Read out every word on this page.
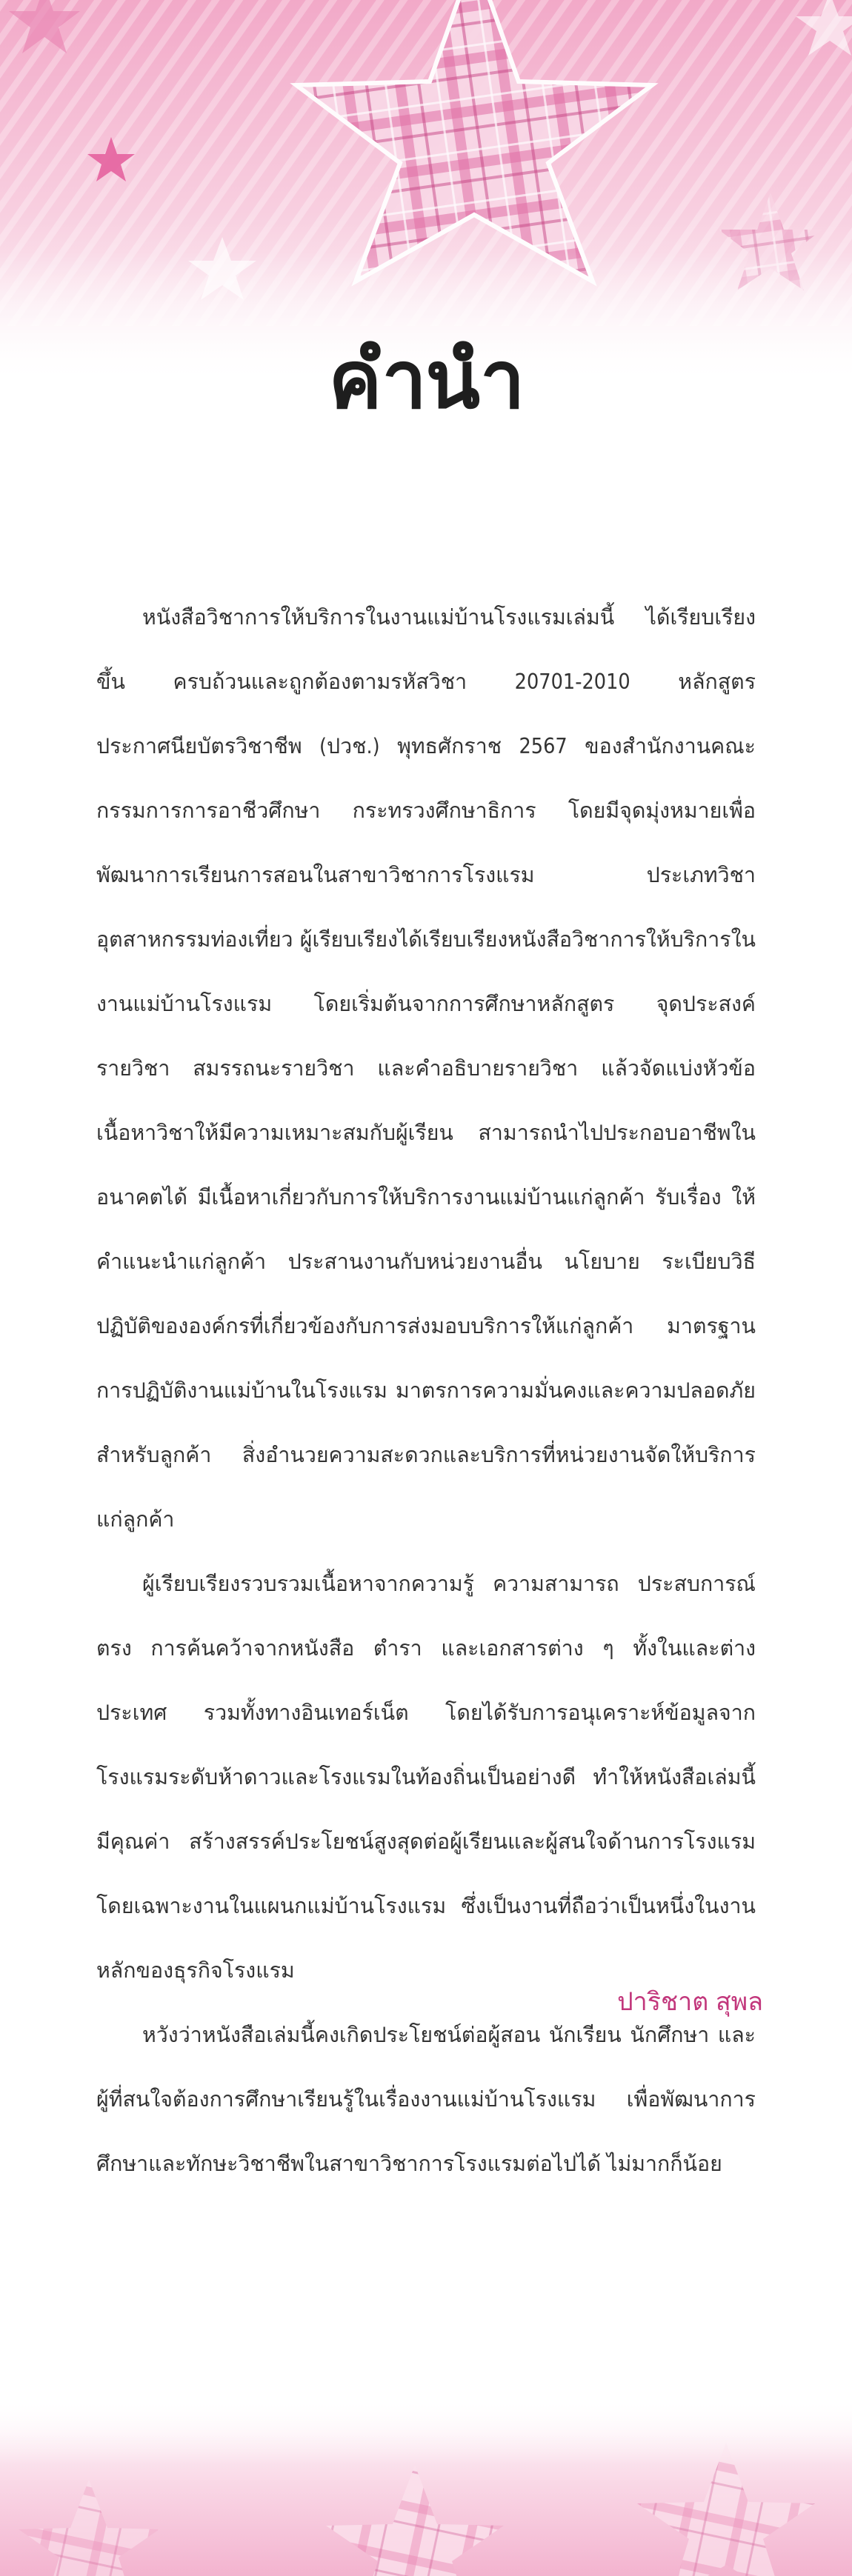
คำนำ

หนังสือวิชาการให้บริการในงานแม่บ้านโรงแรมเล่มนี้ ได้เรียบเรียงขึ้น ครบถ้วนและถูกต้องตามรหัสวิชา 20701-2010 หลักสูตรประกาศนียบัตรวิชาชีพ (ปวช.) พุทธศักราช 2567 ของสำนักงานคณะกรรมการการอาชีวศึกษา กระทรวงศึกษาธิการ โดยมีจุดมุ่งหมายเพื่อพัฒนาการเรียนการสอนในสาขาวิชาการโรงแรม ประเภทวิชาอุตสาหกรรมท่องเที่ยว ผู้เรียบเรียงได้เรียบเรียงหนังสือวิชาการให้บริการในงานแม่บ้านโรงแรม โดยเริ่มต้นจากการศึกษาหลักสูตร จุดประสงค์รายวิชา สมรรถนะรายวิชา และคำอธิบายรายวิชา แล้วจัดแบ่งหัวข้อเนื้อหาวิชาให้มีความเหมาะสมกับผู้เรียน สามารถนำไปประกอบอาชีพในอนาคตได้ มีเนื้อหาเกี่ยวกับการให้บริการงานแม่บ้านแก่ลูกค้า รับเรื่อง ให้คำแนะนำแก่ลูกค้า ประสานงานกับหน่วยงานอื่น นโยบาย ระเบียบวิธีปฏิบัติขององค์กรที่เกี่ยวข้องกับการส่งมอบบริการให้แก่ลูกค้า มาตรฐานการปฏิบัติงานแม่บ้านในโรงแรม มาตรการความมั่นคงและความปลอดภัยสำหรับลูกค้า สิ่งอำนวยความสะดวกและบริการที่หน่วยงานจัดให้บริการแก่ลูกค้า

ผู้เรียบเรียงรวบรวมเนื้อหาจากความรู้ ความสามารถ ประสบการณ์ตรง การค้นคว้าจากหนังสือ ตำรา และเอกสารต่าง ๆ ทั้งในและต่างประเทศ รวมทั้งทางอินเทอร์เน็ต โดยได้รับการอนุเคราะห์ข้อมูลจากโรงแรมระดับห้าดาวและโรงแรมในท้องถิ่นเป็นอย่างดี ทำให้หนังสือเล่มนี้มีคุณค่า สร้างสรรค์ประโยชน์สูงสุดต่อผู้เรียนและผู้สนใจด้านการโรงแรม โดยเฉพาะงานในแผนกแม่บ้านโรงแรม ซึ่งเป็นงานที่ถือว่าเป็นหนึ่งในงานหลักของธุรกิจโรงแรม

หวังว่าหนังสือเล่มนี้คงเกิดประโยชน์ต่อผู้สอน นักเรียน นักศึกษา และผู้ที่สนใจต้องการศึกษาเรียนรู้ในเรื่องงานแม่บ้านโรงแรม เพื่อพัฒนาการศึกษาและทักษะวิชาชีพในสาขาวิชาการโรงแรมต่อไปได้ ไม่มากก็น้อย

ปาริชาต สุพล
